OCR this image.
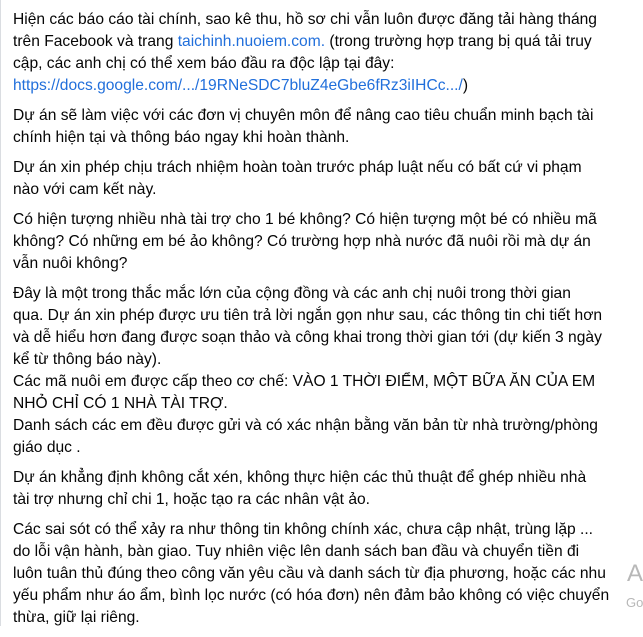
Hiện các báo cáo tài chính, sao kê thu, hồ sơ chi vẫn luôn được đăng tải hàng tháng
trên Facebook và trang taichinh.nuoiem.com. (trong trường hợp trang bị quá tải truy
cập, các anh chị có thể xem báo đầu ra độc lập tại đây:
https://docs.google.com/.../19RNeSDC7bluZ4eGbe6fRz3iIHCc.../)
Dự án sẽ làm việc với các đơn vị chuyên môn để nâng cao tiêu chuẩn minh bạch tài
chính hiện tại và thông báo ngay khi hoàn thành.
Dự án xin phép chịu trách nhiệm hoàn toàn trước pháp luật nếu có bất cứ vi phạm
nào với cam kết này.
Có hiện tượng nhiều nhà tài trợ cho 1 bé không? Có hiện tượng một bé có nhiều mã
không? Có những em bé ảo không? Có trường hợp nhà nước đã nuôi rồi mà dự án
vẫn nuôi không?
Đây là một trong thắc mắc lớn của cộng đồng và các anh chị nuôi trong thời gian
qua. Dự án xin phép được ưu tiên trả lời ngắn gọn như sau, các thông tin chi tiết hơn
và dễ hiểu hơn đang được soạn thảo và công khai trong thời gian tới (dự kiến 3 ngày
kể từ thông báo này).
Các mã nuôi em được cấp theo cơ chế: VÀO 1 THỜI ĐIỂM, MỘT BỮA ĂN CỦA EM
NHỎ CHỈ CÓ 1 NHÀ TÀI TRỢ.
Danh sách các em đều được gửi và có xác nhận bằng văn bản từ nhà trường/phòng
giáo dục .
Dự án khẳng định không cắt xén, không thực hiện các thủ thuật để ghép nhiều nhà
tài trợ nhưng chỉ chi 1, hoặc tạo ra các nhân vật ảo.
Các sai sót có thể xảy ra như thông tin không chính xác, chưa cập nhật, trùng lặp ...
do lỗi vận hành, bàn giao. Tuy nhiên việc lên danh sách ban đầu và chuyển tiền đi
luôn tuân thủ đúng theo công văn yêu cầu và danh sách từ địa phương, hoặc các nhu
yếu phẩm như áo ẩm, bình lọc nước (có hóa đơn) nên đảm bảo không có việc chuyển
thừa, giữ lại riêng.
A
Go
